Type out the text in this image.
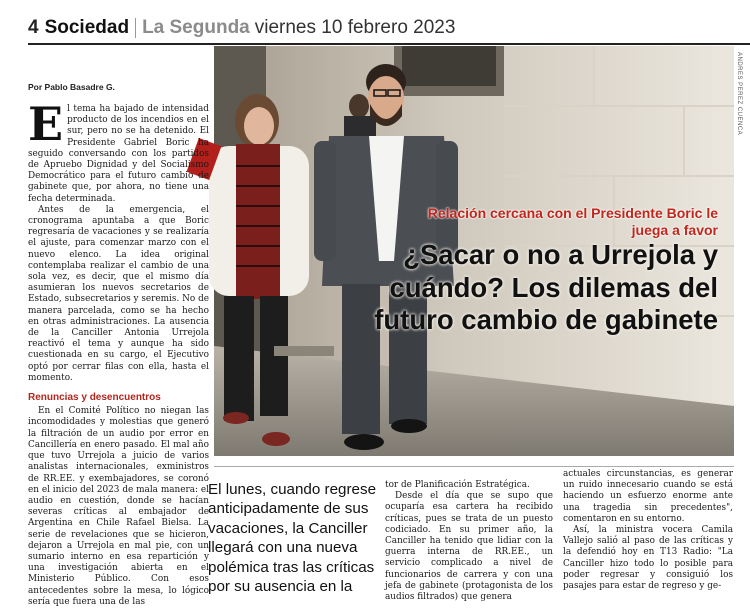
4 Sociedad La Segunda viernes 10 febrero 2023
ANDRES PEREZ CUENCA
Por Pablo Basadre G.

El tema ha bajado de intensidad producto de los incendios en el sur, pero no se ha detenido. El Presidente Gabriel Boric ha seguido conversando con los partidos de Apruebo Dignidad y del Socialismo Democrático para el futuro cambio de gabinete que, por ahora, no tiene una fecha determinada.

Antes de la emergencia, el cronograma apuntaba a que Boric regresaría de vacaciones y se realizaría el ajuste, para comenzar marzo con el nuevo elenco. La idea original contemplaba realizar el cambio de una sola vez, es decir, que el mismo día asumieran los nuevos secretarios de Estado, subsecretarios y seremis. No de manera parcelada, como se ha hecho en otras administraciones. La ausencia de la Canciller Antonia Urrejola reactivó el tema y aunque ha sido cuestionada en su cargo, el Ejecutivo optó por cerrar filas con ella, hasta el momento.

Renuncias y desencuentros

En el Comité Político no niegan las incomodidades y molestias que generó la filtración de un audio por error en Cancillería en enero pasado. El mal año que tuvo Urrejola a juicio de varios analistas internacionales, exministros de RR.EE. y exembajadores, se coronó en el inicio del 2023 de mala manera: el audio en cuestión, donde se hacían severas críticas al embajador de Argentina en Chile Rafael Bielsa. La serie de revelaciones que se hicieron, dejaron a Urrejola en mal pie, con un sumario interno en esa repartición y una investigación abierta en el Ministerio Público. Con esos antecedentes sobre la mesa, lo lógico sería que fuera una de las

Relación cercana con el Presidente Boric le juega a favor
¿Sacar o no a Urrejola y cuándo? Los dilemas del futuro cambio de gabinete
El lunes, cuando regrese anticipadamente de sus vacaciones, la Canciller llegará con una nueva polémica tras las críticas por su ausencia en la

tor de Planificación Estratégica.

Desde el día que se supo que ocuparía esa cartera ha recibido críticas, pues se trata de un puesto codiciado. En su primer año, la Canciller ha tenido que lidiar con la guerra interna de RR.EE., un servicio complicado a nivel de funcionarios de carrera y con una jefa de gabinete (protagonista de los audios filtrados) que genera

actuales circunstancias, es generar un ruido innecesario cuando se está haciendo un esfuerzo enorme ante una tragedia sin precedentes", comentaron en su entorno.

Así, la ministra vocera Camila Vallejo salió al paso de las críticas y la defendió hoy en T13 Radio: "La Canciller hizo todo lo posible para poder regresar y consiguió los pasajes para estar de regreso y ge-
